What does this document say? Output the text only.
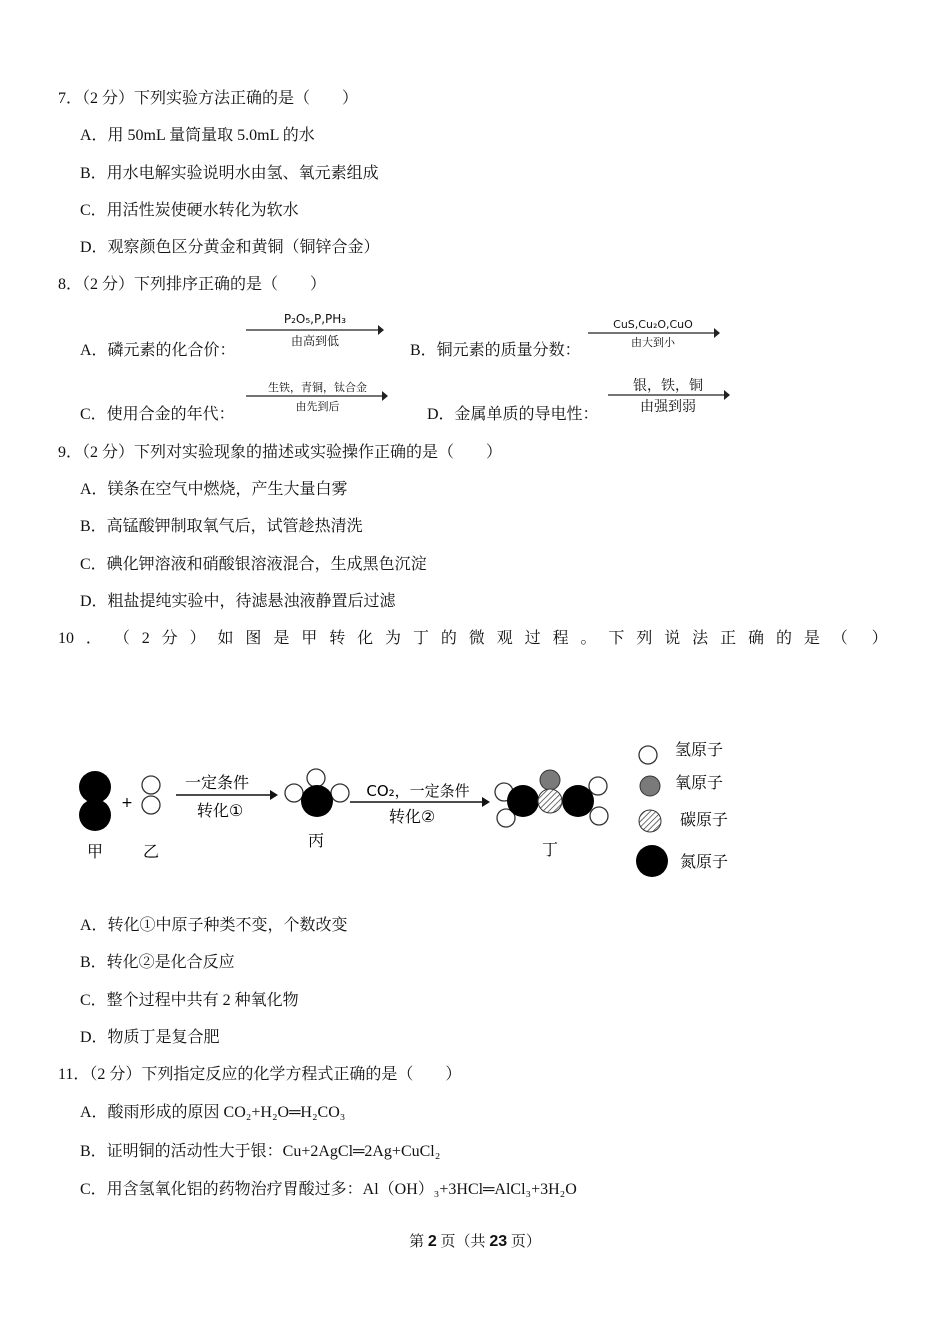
7．（2 分）下列实验方法正确的是（　　）
A．用 50mL 量筒量取 5.0mL 的水
B．用水电解实验说明水由氢、氧元素组成
C．用活性炭使硬水转化为软水
D．观察颜色区分黄金和黄铜（铜锌合金）
8．（2 分）下列排序正确的是（　　）
A．磷元素的化合价：
P₂O₅,P,PH₃
由高到低
B．铜元素的质量分数：
CuS,Cu₂O,CuO
由大到小
C．使用合金的年代：
生铁，青铜，钛合金
由先到后	D．金属单质的导电性：
银，铁，铜
由强到弱
9．（2 分）下列对实验现象的描述或实验操作正确的是（　　）
A．镁条在空气中燃烧，产生大量白雾
B．高锰酸钾制取氧气后，试管趁热清洗
C．碘化钾溶液和硝酸银溶液混合，生成黑色沉淀
D．粗盐提纯实验中，待滤悬浊液静置后过滤
10 ． （ 2 分 ） 如 图 是 甲 转 化 为 丁 的 微 观 过 程 。 下 列 说 法 正 确 的 是 （ ）
甲
+
乙
一定条件
转化①
丙
CO₂，一定条件
转化②
丁
氢原子
氧原子
碳原子
氮原子
A．转化①中原子种类不变，个数改变
B．转化②是化合反应
C．整个过程中共有 2 种氧化物
D．物质丁是复合肥
11．（2 分）下列指定反应的化学方程式正确的是（　　）
A．酸雨形成的原因 CO₂+H₂O═H₂CO₃
B．证明铜的活动性大于银：Cu+2AgCl═2Ag+CuCl₂
C．用含氢氧化铝的药物治疗胃酸过多：Al（OH）₃+3HCl═AlCl₃+3H₂O
第 2 页（共 23 页）
